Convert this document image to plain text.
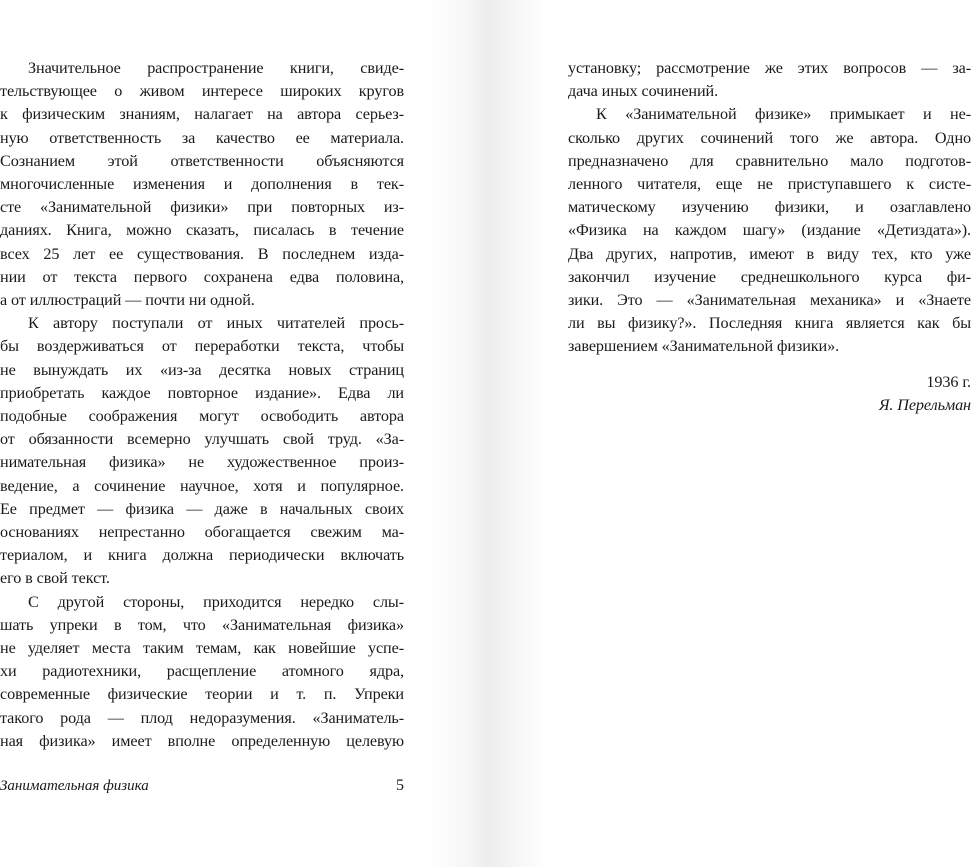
Значительное распространение книги, свиде-
тельствующее о живом интересе широких кругов
к физическим знаниям, налагает на автора серьез-
ную ответственность за качество ее материала.
Сознанием этой ответственности объясняются
многочисленные изменения и дополнения в тек-
сте «Занимательной физики» при повторных из-
даниях. Книга, можно сказать, писалась в течение
всех 25 лет ее существования. В последнем изда-
нии от текста первого сохранена едва половина,
а от иллюстраций — почти ни одной.
К автору поступали от иных читателей прось-
бы воздерживаться от переработки текста, чтобы
не вынуждать их «из-за десятка новых страниц
приобретать каждое повторное издание». Едва ли
подобные соображения могут освободить автора
от обязанности всемерно улучшать свой труд. «За-
нимательная физика» не художественное произ-
ведение, а сочинение научное, хотя и популярное.
Ее предмет — физика — даже в начальных своих
основаниях непрестанно обогащается свежим ма-
териалом, и книга должна периодически включать
его в свой текст.
С другой стороны, приходится нередко слы-
шать упреки в том, что «Занимательная физика»
не уделяет места таким темам, как новейшие успе-
хи радиотехники, расщепление атомного ядра,
современные физические теории и т. п. Упреки
такого рода — плод недоразумения. «Заниматель-
ная физика» имеет вполне определенную целевую
Занимательная физика	5
установку; рассмотрение же этих вопросов — за-
дача иных сочинений.
К «Занимательной физике» примыкает и не-
сколько других сочинений того же автора. Одно
предназначено для сравнительно мало подготов-
ленного читателя, еще не приступавшего к систе-
матическому изучению физики, и озаглавлено
«Физика на каждом шагу» (издание «Детиздата»).
Два других, напротив, имеют в виду тех, кто уже
закончил изучение среднешкольного курса фи-
зики. Это — «Занимательная механика» и «Знаете
ли вы физику?». Последняя книга является как бы
завершением «Занимательной физики».
1936 г.
Я. Перельман
